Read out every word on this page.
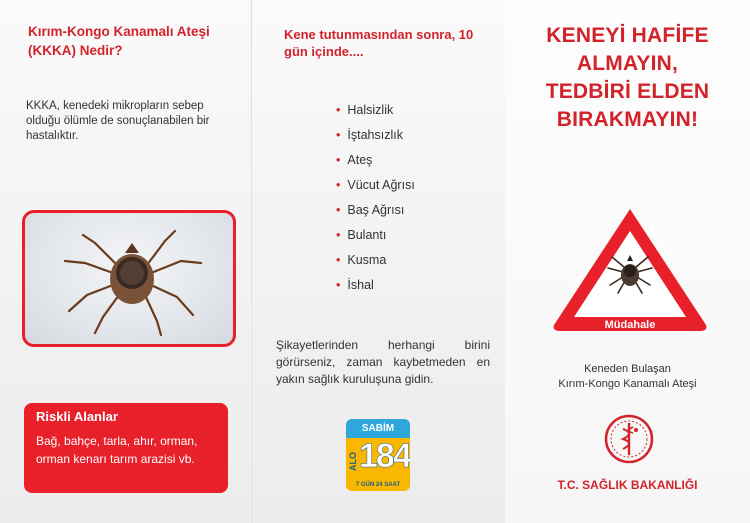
Kırım-Kongo Kanamalı Ateşi (KKKA) Nedir?
KKKA, kenedeki mikropların sebep olduğu ölümle de sonuçlanabilen bir hastalıktır.
Riskli Alanlar
Bağ, bahçe, tarla, ahır, orman, orman kenarı tarım arazisi vb.
Kene tutunmasından sonra, 10 gün içinde....
• Halsizlik
• İştahsızlık
• Ateş
• Vücut Ağrısı
• Baş Ağrısı
• Bulantı
• Kusma
• İshal
Şikayetlerinden herhangi birini görürseniz, zaman kaybetmeden en yakın sağlık kuruluşuna gidin.
SABİM
ALO 184
7 GÜN 24 SAAT
KENEYİ HAFİFE
ALMAYIN,
TEDBİRİ ELDEN
BIRAKMAYIN!
Tedbir
Kontrol
Müdahale
Keneden Bulaşan
Kırım-Kongo Kanamalı Ateşi
T.C. SAĞLIK BAKANLIĞI
